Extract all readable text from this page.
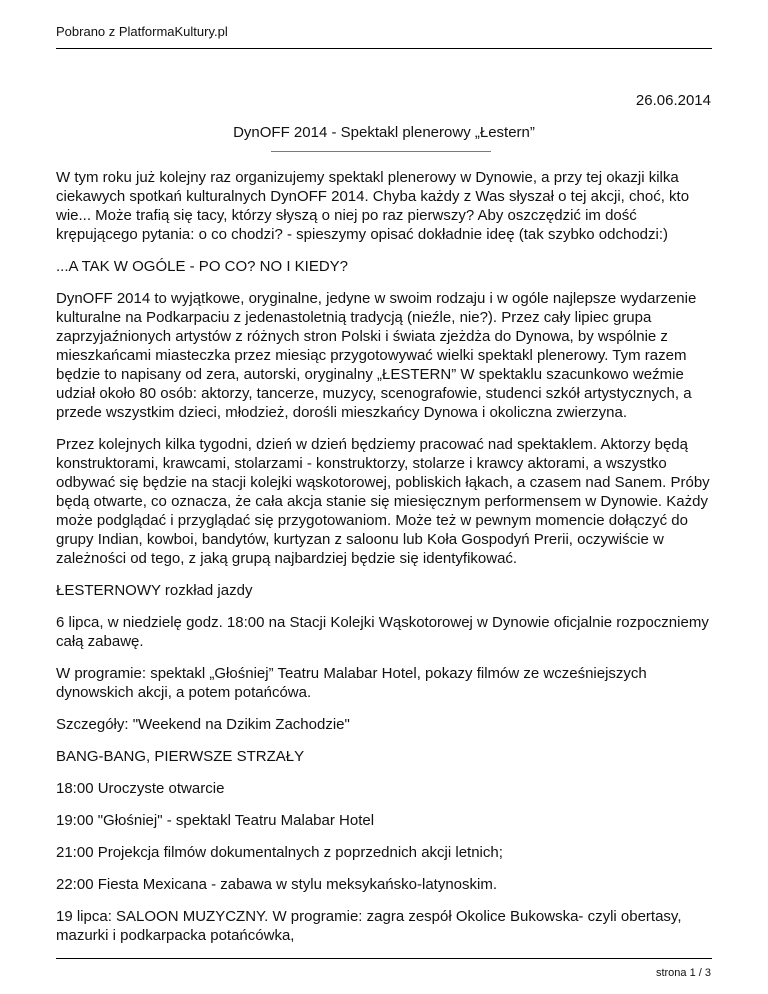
Pobrano z PlatformaKultury.pl
26.06.2014
DynOFF 2014 - Spektakl plenerowy „Łestern”

W tym roku już kolejny raz organizujemy spektakl plenerowy w Dynowie, a przy tej okazji kilka ciekawych spotkań kulturalnych DynOFF 2014. Chyba każdy z Was słyszał o tej akcji, choć, kto wie... Może trafią się tacy, którzy słyszą o niej po raz pierwszy? Aby oszczędzić im dość krępującego pytania: o co chodzi? - spieszymy opisać dokładnie ideę (tak szybko odchodzi:)

...A TAK W OGÓLE - PO CO? NO I KIEDY?

DynOFF 2014 to wyjątkowe, oryginalne, jedyne w swoim rodzaju i w ogóle najlepsze wydarzenie kulturalne na Podkarpaciu z jedenastoletnią tradycją (nieźle, nie?). Przez cały lipiec grupa zaprzyjaźnionych artystów z różnych stron Polski i świata zjeżdża do Dynowa, by wspólnie z mieszkańcami miasteczka przez miesiąc przygotowywać wielki spektakl plenerowy. Tym razem będzie to napisany od zera, autorski, oryginalny „ŁESTERN” W spektaklu szacunkowo weźmie udział około 80 osób: aktorzy, tancerze, muzycy, scenografowie, studenci szkół artystycznych, a przede wszystkim dzieci, młodzież, dorośli mieszkańcy Dynowa i okoliczna zwierzyna.

Przez kolejnych kilka tygodni, dzień w dzień będziemy pracować nad spektaklem. Aktorzy będą konstruktorami, krawcami, stolarzami - konstruktorzy, stolarze i krawcy aktorami, a wszystko odbywać się będzie na stacji kolejki wąskotorowej, pobliskich łąkach, a czasem nad Sanem. Próby będą otwarte, co oznacza, że cała akcja stanie się miesięcznym performensem w Dynowie. Każdy może podglądać i przyglądać się przygotowaniom. Może też w pewnym momencie dołączyć do grupy Indian, kowboi, bandytów, kurtyzan z saloonu lub Koła Gospodyń Prerii, oczywiście w zależności od tego, z jaką grupą najbardziej będzie się identyfikować.

ŁESTERNOWY rozkład jazdy

6 lipca, w niedzielę godz. 18:00 na Stacji Kolejki Wąskotorowej w Dynowie oficjalnie rozpoczniemy całą zabawę.

W programie: spektakl „Głośniej” Teatru Malabar Hotel, pokazy filmów ze wcześniejszych dynowskich akcji, a potem potańcówa.

Szczegóły: "Weekend na Dzikim Zachodzie"

BANG-BANG, PIERWSZE STRZAŁY

18:00 Uroczyste otwarcie

19:00 "Głośniej" - spektakl Teatru Malabar Hotel

21:00 Projekcja filmów dokumentalnych z poprzednich akcji letnich;

22:00 Fiesta Mexicana - zabawa w stylu meksykańsko-latynoskim.

19 lipca: SALOON MUZYCZNY. W programie: zagra zespół Okolice Bukowska- czyli obertasy, mazurki i podkarpacka potańcówka,

strona 1 / 3
